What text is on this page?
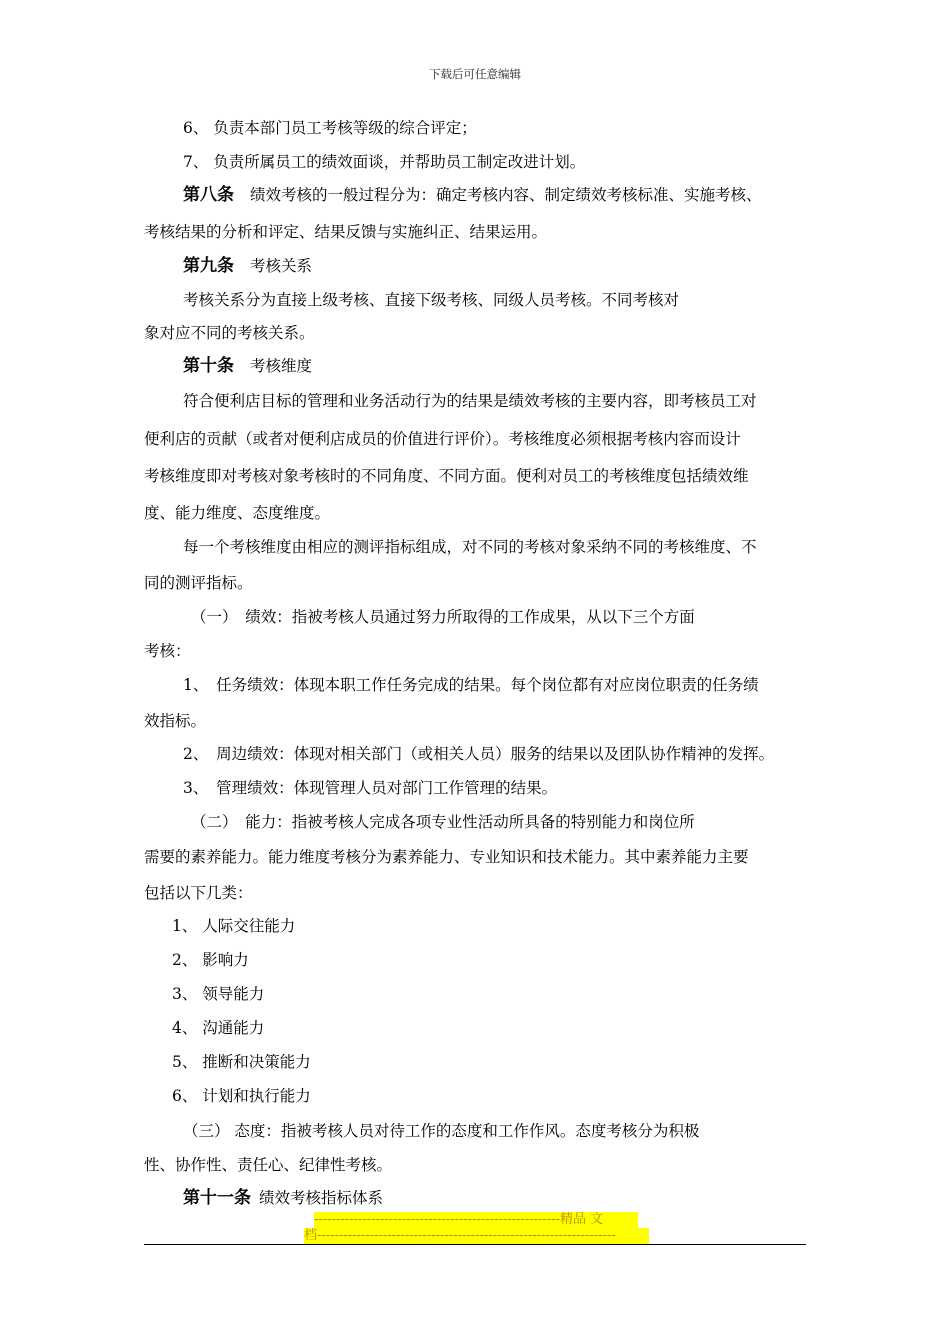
下载后可任意编辑
6、 负责本部门员工考核等级的综合评定；
7、 负责所属员工的绩效面谈，并帮助员工制定改进计划。
第八条 绩效考核的一般过程分为：确定考核内容、制定绩效考核标准、实施考核、
考核结果的分析和评定、结果反馈与实施纠正、结果运用。
第九条 考核关系
考核关系分为直接上级考核、直接下级考核、同级人员考核。不同考核对
象对应不同的考核关系。
第十条 考核维度
符合便利店目标的管理和业务活动行为的结果是绩效考核的主要内容，即考核员工对
便利店的贡献（或者对便利店成员的价值进行评价）。考核维度必须根据考核内容而设计
考核维度即对考核对象考核时的不同角度、不同方面。便利对员工的考核维度包括绩效维
度、能力维度、态度维度。
每一个考核维度由相应的测评指标组成，对不同的考核对象采纳不同的考核维度、不
同的测评指标。
（一）　绩效：指被考核人员通过努力所取得的工作成果，从以下三个方面
考核：
1、　任务绩效：体现本职工作任务完成的结果。每个岗位都有对应岗位职责的任务绩
效指标。
2、　周边绩效：体现对相关部门（或相关人员）服务的结果以及团队协作精神的发挥。
3、　管理绩效：体现管理人员对部门工作管理的结果。
（二）　能力：指被考核人完成各项专业性活动所具备的特别能力和岗位所
需要的素养能力。能力维度考核分为素养能力、专业知识和技术能力。其中素养能力主要
包括以下几类：
1、 人际交往能力
2、 影响力
3、 领导能力
4、 沟通能力
5、 推断和决策能力
6、 计划和执行能力
（三） 态度：指被考核人员对待工作的态度和工作作风。态度考核分为积极
性、协作性、责任心、纪律性考核。
第十一条 绩效考核指标体系
--------------------------------------------------------精品 文
档--------------------------------------------------------------------
